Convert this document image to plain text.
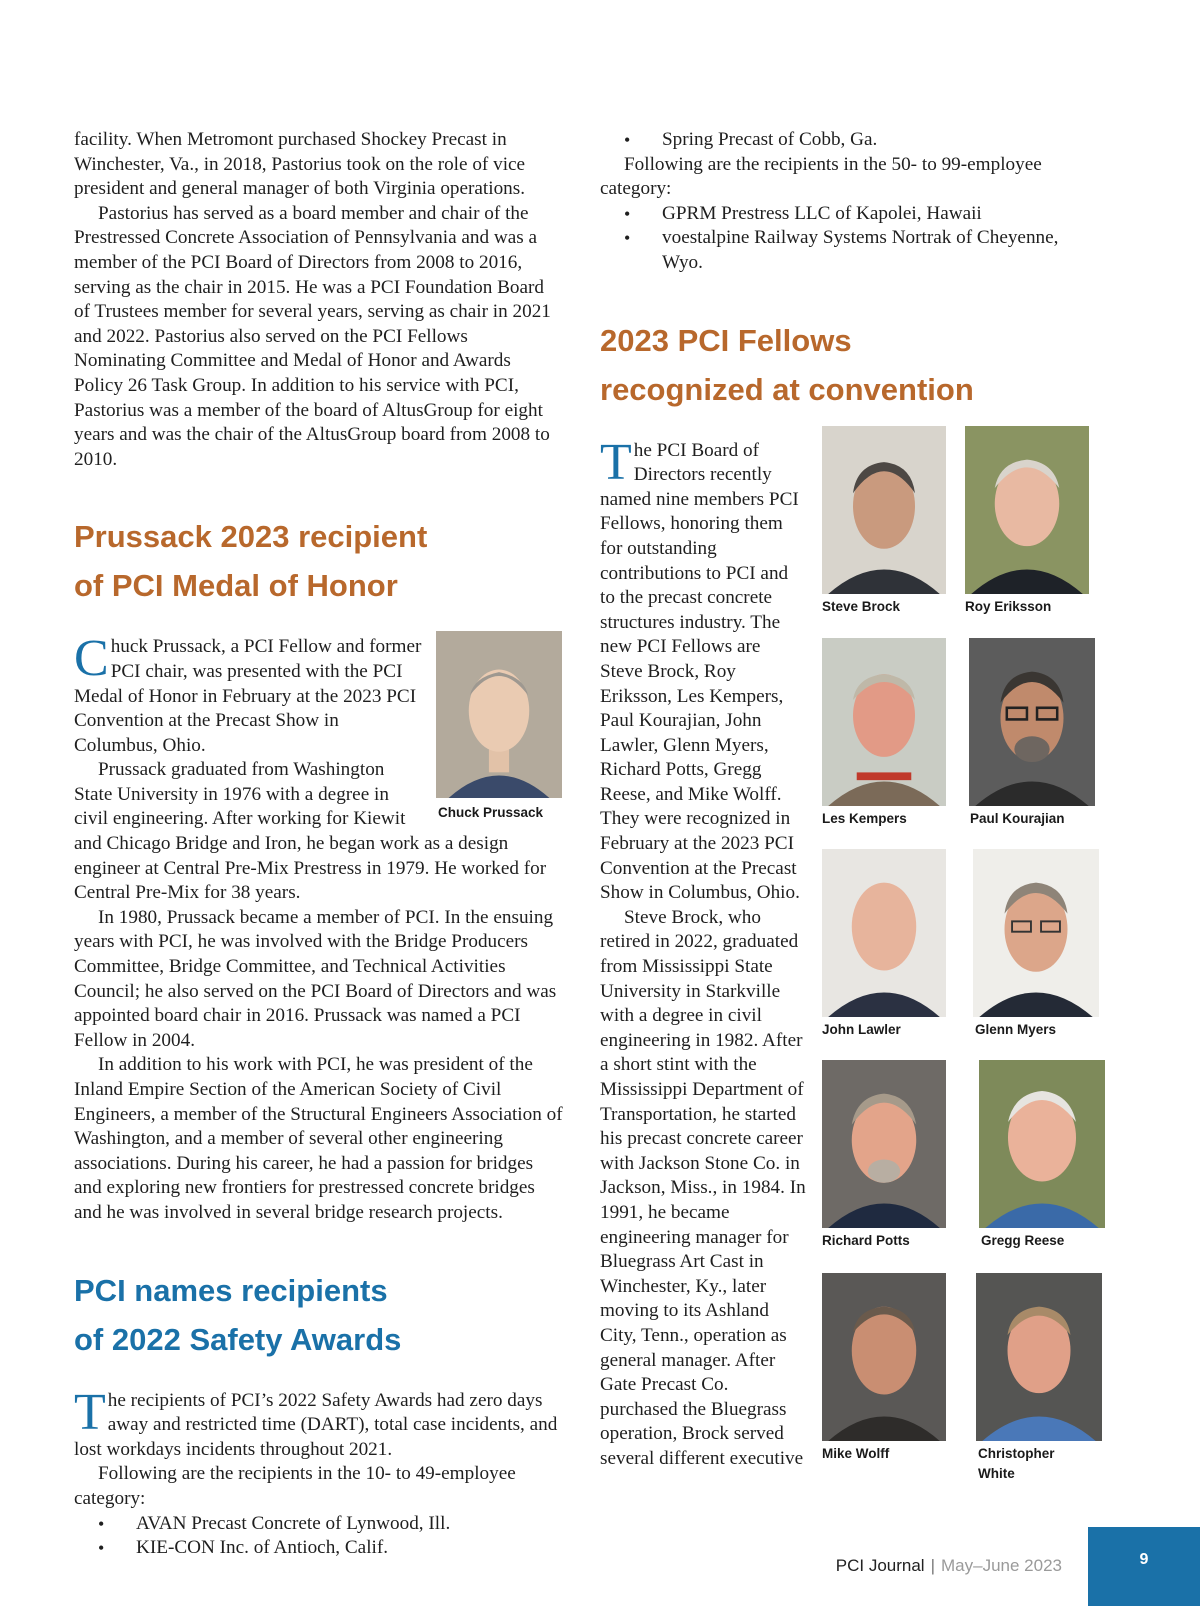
facility. When Metromont purchased Shockey Precast in Winchester, Va., in 2018, Pastorius took on the role of vice president and general manager of both Virginia operations.

Pastorius has served as a board member and chair of the Prestressed Concrete Association of Pennsylvania and was a member of the PCI Board of Directors from 2008 to 2016, serving as the chair in 2015. He was a PCI Foundation Board of Trustees member for several years, serving as chair in 2021 and 2022. Pastorius also served on the PCI Fellows Nominating Committee and Medal of Honor and Awards Policy 26 Task Group. In addition to his service with PCI, Pastorius was a member of the board of AltusGroup for eight years and was the chair of the AltusGroup board from 2008 to 2010.

Prussack 2023 recipient
of PCI Medal of Honor
Chuck Prussack

Chuck Prussack, a PCI Fellow and former PCI chair, was presented with the PCI Medal of Honor in February at the 2023 PCI Convention at the Precast Show in Columbus, Ohio.

Prussack graduated from Washington State University in 1976 with a degree in civil engineering. After working for Kiewit and Chicago Bridge and Iron, he began work as a design engineer at Central Pre-Mix Prestress in 1979. He worked for Central Pre-Mix for 38 years.

In 1980, Prussack became a member of PCI. In the ensuing years with PCI, he was involved with the Bridge Producers Committee, Bridge Committee, and Technical Activities Council; he also served on the PCI Board of Directors and was appointed board chair in 2016. Prussack was named a PCI Fellow in 2004.

In addition to his work with PCI, he was president of the Inland Empire Section of the American Society of Civil Engineers, a member of the Structural Engineers Association of Washington, and a member of several other engineering associations. During his career, he had a passion for bridges and exploring new frontiers for prestressed concrete bridges and he was involved in several bridge research projects.

PCI names recipients
of 2022 Safety Awards

The recipients of PCI’s 2022 Safety Awards had zero days away and restricted time (DART), total case incidents, and lost workdays incidents throughout 2021.

Following are the recipients in the 10- to 49-employee category:

• AVAN Precast Concrete of Lynwood, Ill.
• KIE-CON Inc. of Antioch, Calif.
• Spring Precast of Cobb, Ga.

Following are the recipients in the 50- to 99-employee category:

• GPRM Prestress LLC of Kapolei, Hawaii
• voestalpine Railway Systems Nortrak of Cheyenne, Wyo.
2023 PCI Fellows
recognized at convention

The PCI Board of Directors recently named nine members PCI Fellows, honoring them for outstanding contributions to PCI and to the precast concrete structures industry. The new PCI Fellows are Steve Brock, Roy Eriksson, Les Kempers, Paul Kourajian, John Lawler, Glenn Myers, Richard Potts, Gregg Reese, and Mike Wolff. They were recognized in February at the 2023 PCI Convention at the Precast Show in Columbus, Ohio.

Steve Brock, who retired in 2022, graduated from Mississippi State University in Starkville with a degree in civil engineering in 1982. After a short stint with the Mississippi Department of Transportation, he started his precast concrete career with Jackson Stone Co. in Jackson, Miss., in 1984. In 1991, he became engineering manager for Bluegrass Art Cast in Winchester, Ky., later moving to its Ashland City, Tenn., operation as general manager. After Gate Precast Co. purchased the Bluegrass operation, Brock served several different executive

Steve Brock	Roy Eriksson
Les Kempers	Paul Kourajian
John Lawler	Glenn Myers
Richard Potts	Gregg Reese
Mike Wolff	Christopher White
PCI Journal | May–June 2023	9
